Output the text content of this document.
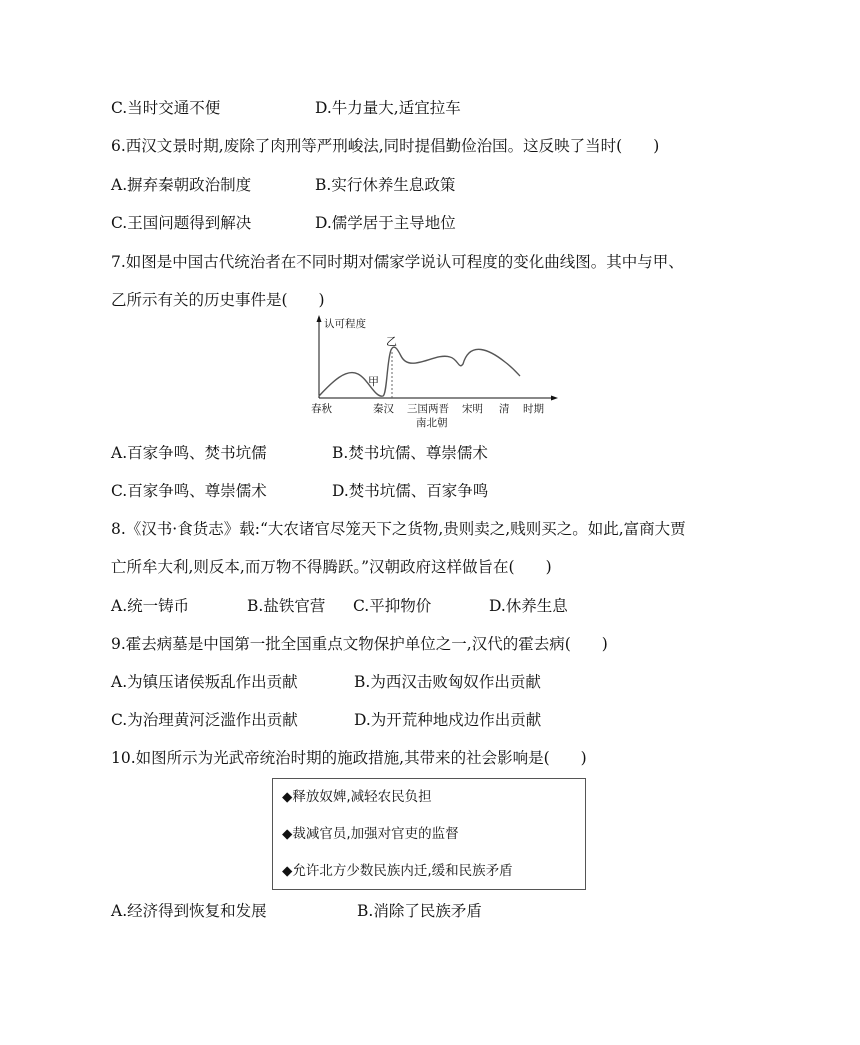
C.当时交通不便	D.牛力量大,适宜拉车
6.西汉文景时期,废除了肉刑等严刑峻法,同时提倡勤俭治国。这反映了当时(　　)
A.摒弃秦朝政治制度	B.实行休养生息政策
C.王国问题得到解决	D.儒学居于主导地位
7.如图是中国古代统治者在不同时期对儒家学说认可程度的变化曲线图。其中与甲、
乙所示有关的历史事件是(　　)
认可程度
甲
乙
春秋	秦汉 三国两晋
南北朝
宋明 清 时期
A.百家争鸣、焚书坑儒	B.焚书坑儒、尊崇儒术
C.百家争鸣、尊崇儒术	D.焚书坑儒、百家争鸣
8.《汉书·食货志》载:“大农诸官尽笼天下之货物,贵则卖之,贱则买之。如此,富商大贾
亡所牟大利,则反本,而万物不得腾跃。”汉朝政府这样做旨在(　　)
A.统一铸币	B.盐铁官营 C.平抑物价	D.休养生息
9.霍去病墓是中国第一批全国重点文物保护单位之一,汉代的霍去病(　　)
A.为镇压诸侯叛乱作出贡献	B.为西汉击败匈奴作出贡献
C.为治理黄河泛滥作出贡献	D.为开荒种地戍边作出贡献
10.如图所示为光武帝统治时期的施政措施,其带来的社会影响是(　　)
◆释放奴婢,减轻农民负担
◆裁减官员,加强对官吏的监督
◆允许北方少数民族内迁,缓和民族矛盾
A.经济得到恢复和发展	B.消除了民族矛盾
